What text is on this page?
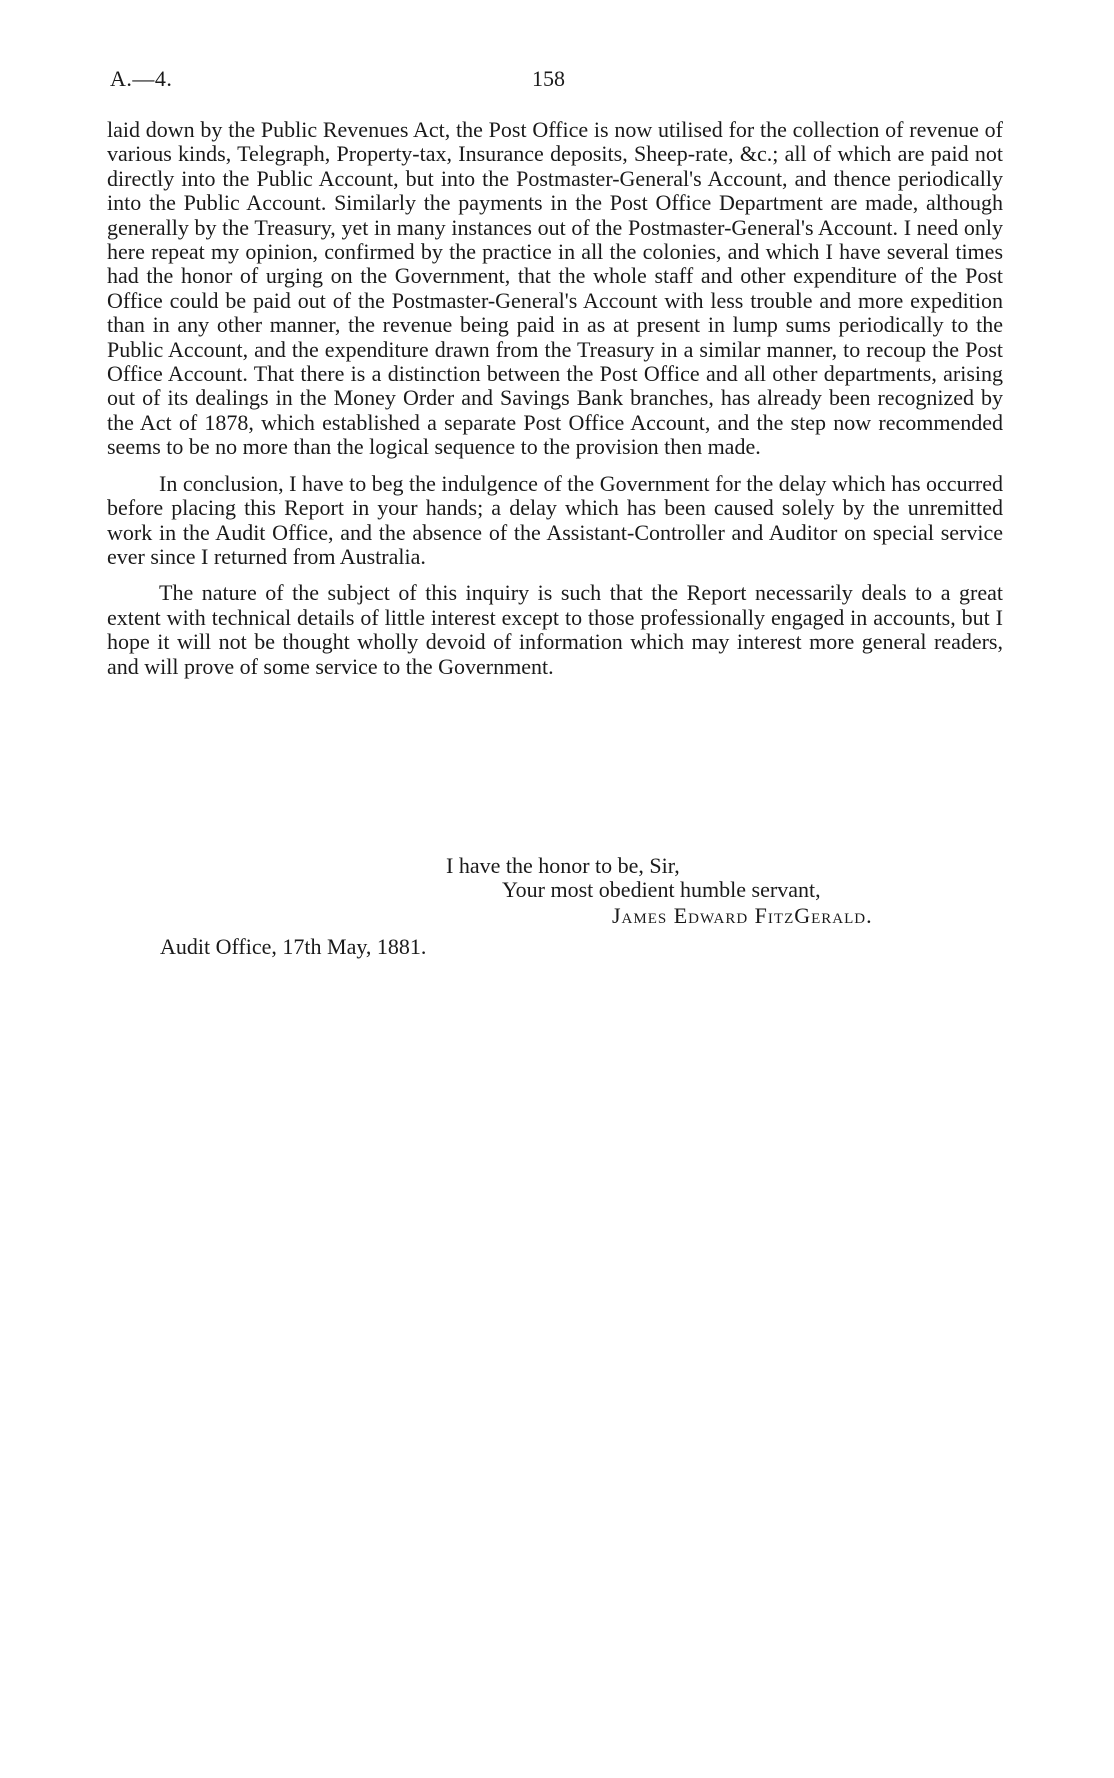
A.—4.	158

laid down by the Public Revenues Act, the Post Office is now utilised for the collection of revenue of various kinds, Telegraph, Property-tax, Insurance deposits, Sheep-rate, &c.; all of which are paid not directly into the Public Account, but into the Postmaster-General's Account, and thence periodically into the Public Account. Similarly the payments in the Post Office Department are made, although generally by the Treasury, yet in many instances out of the Postmaster-General's Account. I need only here repeat my opinion, confirmed by the practice in all the colonies, and which I have several times had the honor of urging on the Government, that the whole staff and other expenditure of the Post Office could be paid out of the Postmaster-General's Account with less trouble and more expedition than in any other manner, the revenue being paid in as at present in lump sums periodically to the Public Account, and the expenditure drawn from the Treasury in a similar manner, to recoup the Post Office Account. That there is a distinction between the Post Office and all other departments, arising out of its dealings in the Money Order and Savings Bank branches, has already been recognized by the Act of 1878, which established a separate Post Office Account, and the step now recommended seems to be no more than the logical sequence to the provision then made.

In conclusion, I have to beg the indulgence of the Government for the delay which has occurred before placing this Report in your hands; a delay which has been caused solely by the unremitted work in the Audit Office, and the absence of the Assistant-Controller and Auditor on special service ever since I returned from Australia.

The nature of the subject of this inquiry is such that the Report necessarily deals to a great extent with technical details of little interest except to those professionally engaged in accounts, but I hope it will not be thought wholly devoid of information which may interest more general readers, and will prove of some service to the Government.

I have the honor to be, Sir,
Your most obedient humble servant,
James Edward FitzGerald.
Audit Office, 17th May, 1881.
